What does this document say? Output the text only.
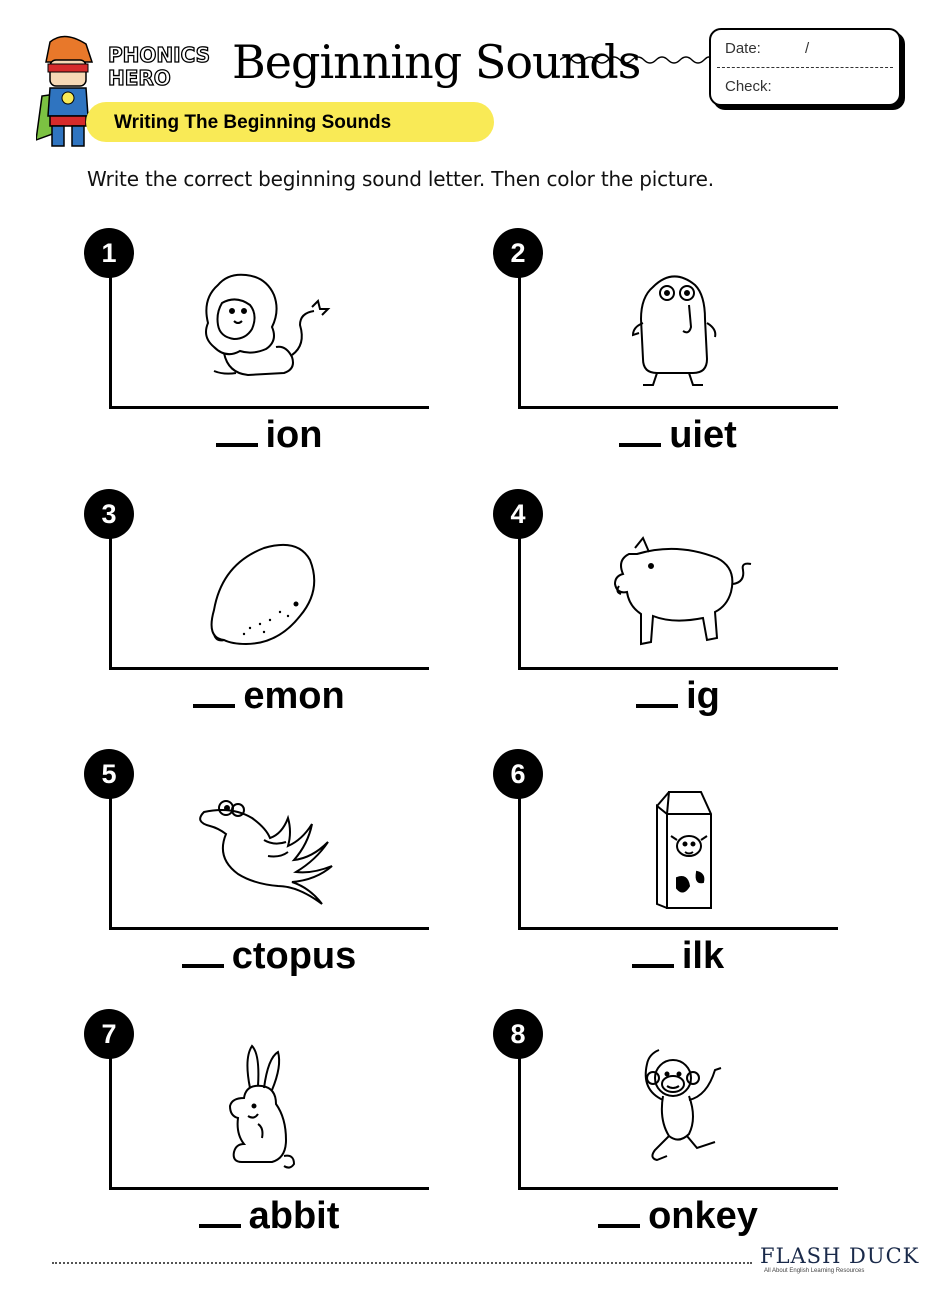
PHONICS
HERO Beginning Sounds	Date:	/
Check:
Writing The Beginning Sounds
Write the correct beginning sound letter. Then color the picture.
1
ion
2
uiet
3
emon
4
ig
5
ctopus
6
ilk
7
abbit
8
onkey
FLASH DUCK
All About English Learning Resources
